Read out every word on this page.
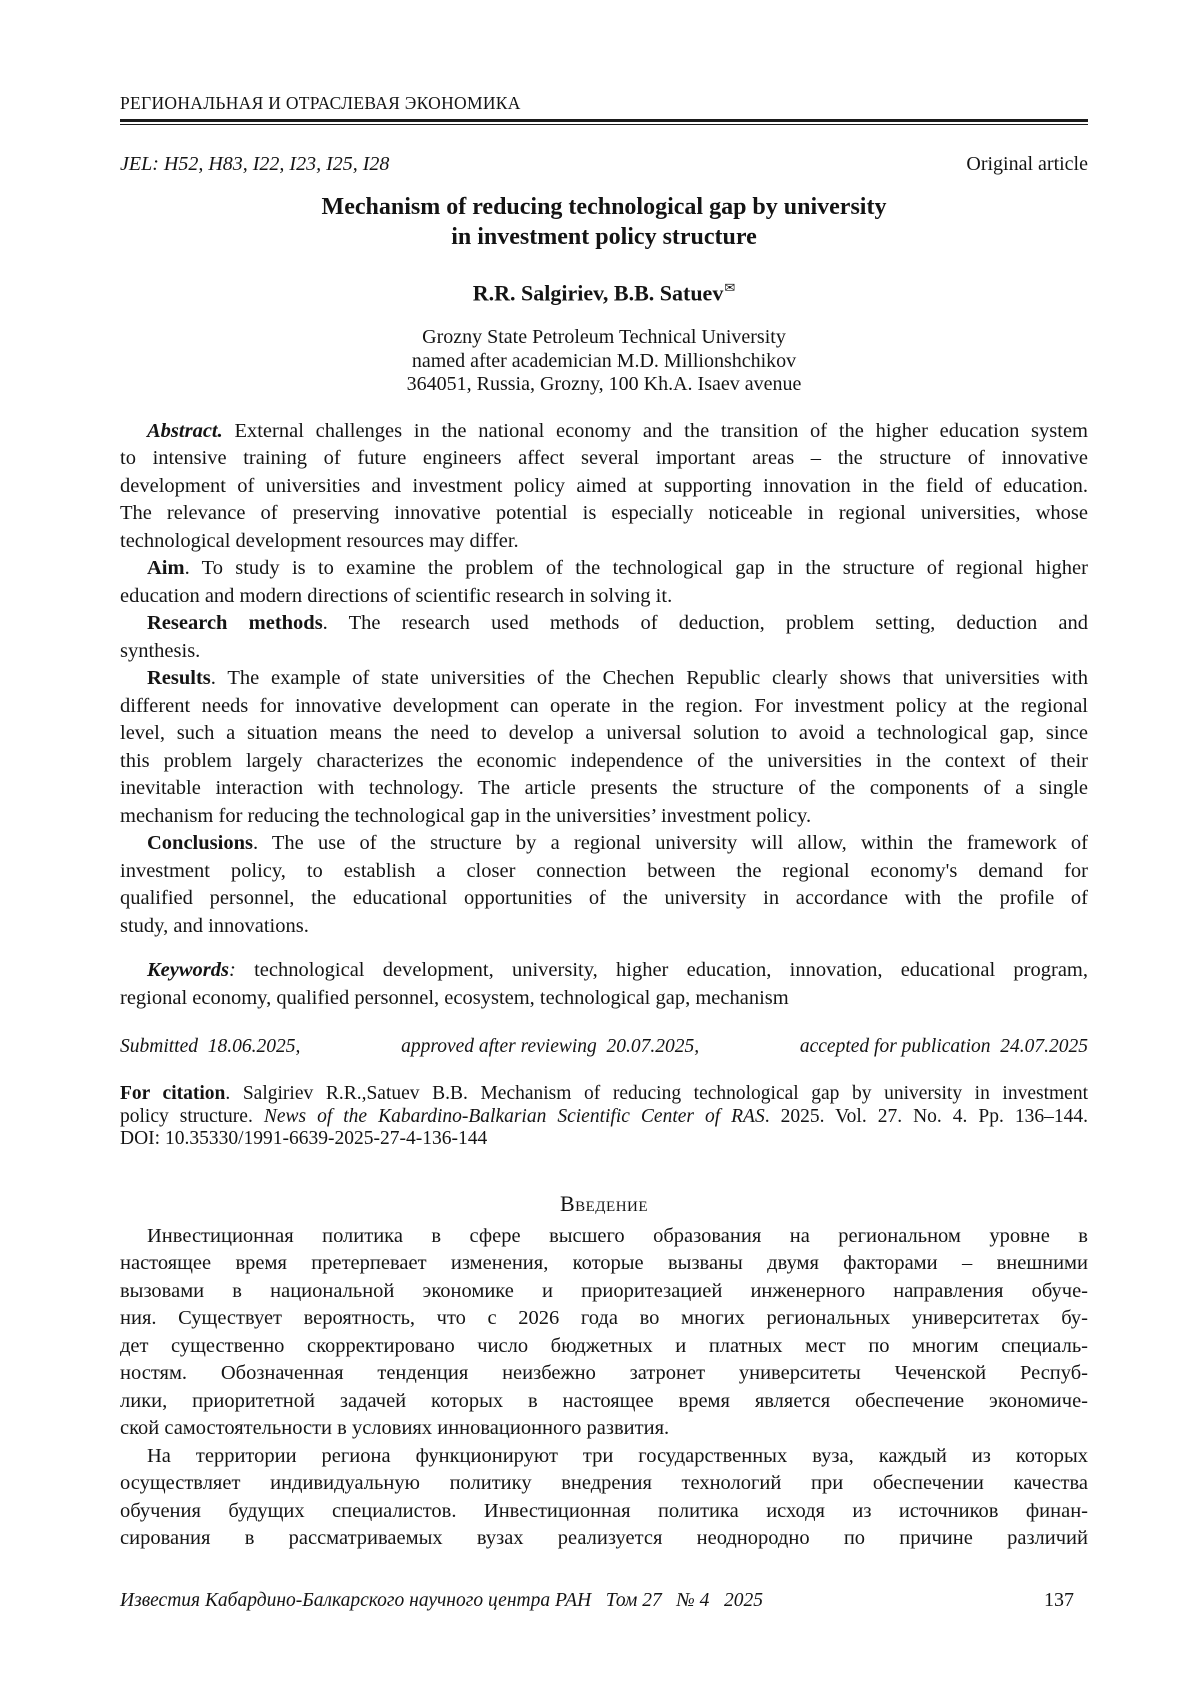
РЕГИОНАЛЬНАЯ И ОТРАСЛЕВАЯ ЭКОНОМИКА
JEL: H52, H83, I22, I23, I25, I28	Original article
Mechanism of reducing technological gap by university
in investment policy structure
R.R. Salgiriev, B.B. Satuev✉
Grozny State Petroleum Technical University
named after academician M.D. Millionshchikov
364051, Russia, Grozny, 100 Kh.A. Isaev avenue
Abstract. External challenges in the national economy and the transition of the higher education system
to intensive training of future engineers affect several important areas – the structure of innovative
development of universities and investment policy aimed at supporting innovation in the field of education.
The relevance of preserving innovative potential is especially noticeable in regional universities, whose
technological development resources may differ.
Aim. To study is to examine the problem of the technological gap in the structure of regional higher
education and modern directions of scientific research in solving it.
Research methods. The research used methods of deduction, problem setting, deduction and
synthesis.
Results. The example of state universities of the Chechen Republic clearly shows that universities with
different needs for innovative development can operate in the region. For investment policy at the regional
level, such a situation means the need to develop a universal solution to avoid a technological gap, since
this problem largely characterizes the economic independence of the universities in the context of their
inevitable interaction with technology. The article presents the structure of the components of a single
mechanism for reducing the technological gap in the universities’ investment policy.
Conclusions. The use of the structure by a regional university will allow, within the framework of
investment policy, to establish a closer connection between the regional economy's demand for
qualified personnel, the educational opportunities of the university in accordance with the profile of
study, and innovations.
Keywords: technological development, university, higher education, innovation, educational program,
regional economy, qualified personnel, ecosystem, technological gap, mechanism
Submitted  18.06.2025,	approved after reviewing  20.07.2025,	accepted for publication  24.07.2025
For citation. Salgiriev R.R.,Satuev B.B. Mechanism of reducing technological gap by university in investment
policy structure. News of the Kabardino-Balkarian Scientific Center of RAS. 2025. Vol. 27. No. 4. Pp. 136–144.
DOI: 10.35330/1991-6639-2025-27-4-136-144
Введение
Инвестиционная политика в сфере высшего образования на региональном уровне в
настоящее время претерпевает изменения, которые вызваны двумя факторами – внешними
вызовами в национальной экономике и приоритезацией инженерного направления обуче-
ния. Существует вероятность, что с 2026 года во многих региональных университетах бу-
дет существенно скорректировано число бюджетных и платных мест по многим специаль-
ностям. Обозначенная тенденция неизбежно затронет университеты Чеченской Респуб-
лики, приоритетной задачей которых в настоящее время является обеспечение экономиче-
ской самостоятельности в условиях инновационного развития.
На территории региона функционируют три государственных вуза, каждый из которых
осуществляет индивидуальную политику внедрения технологий при обеспечении качества
обучения будущих специалистов. Инвестиционная политика исходя из источников финан-
сирования в рассматриваемых вузах реализуется неоднородно по причине различий
Известия Кабардино-Балкарского научного центра РАН   Том 27   № 4   2025	137
